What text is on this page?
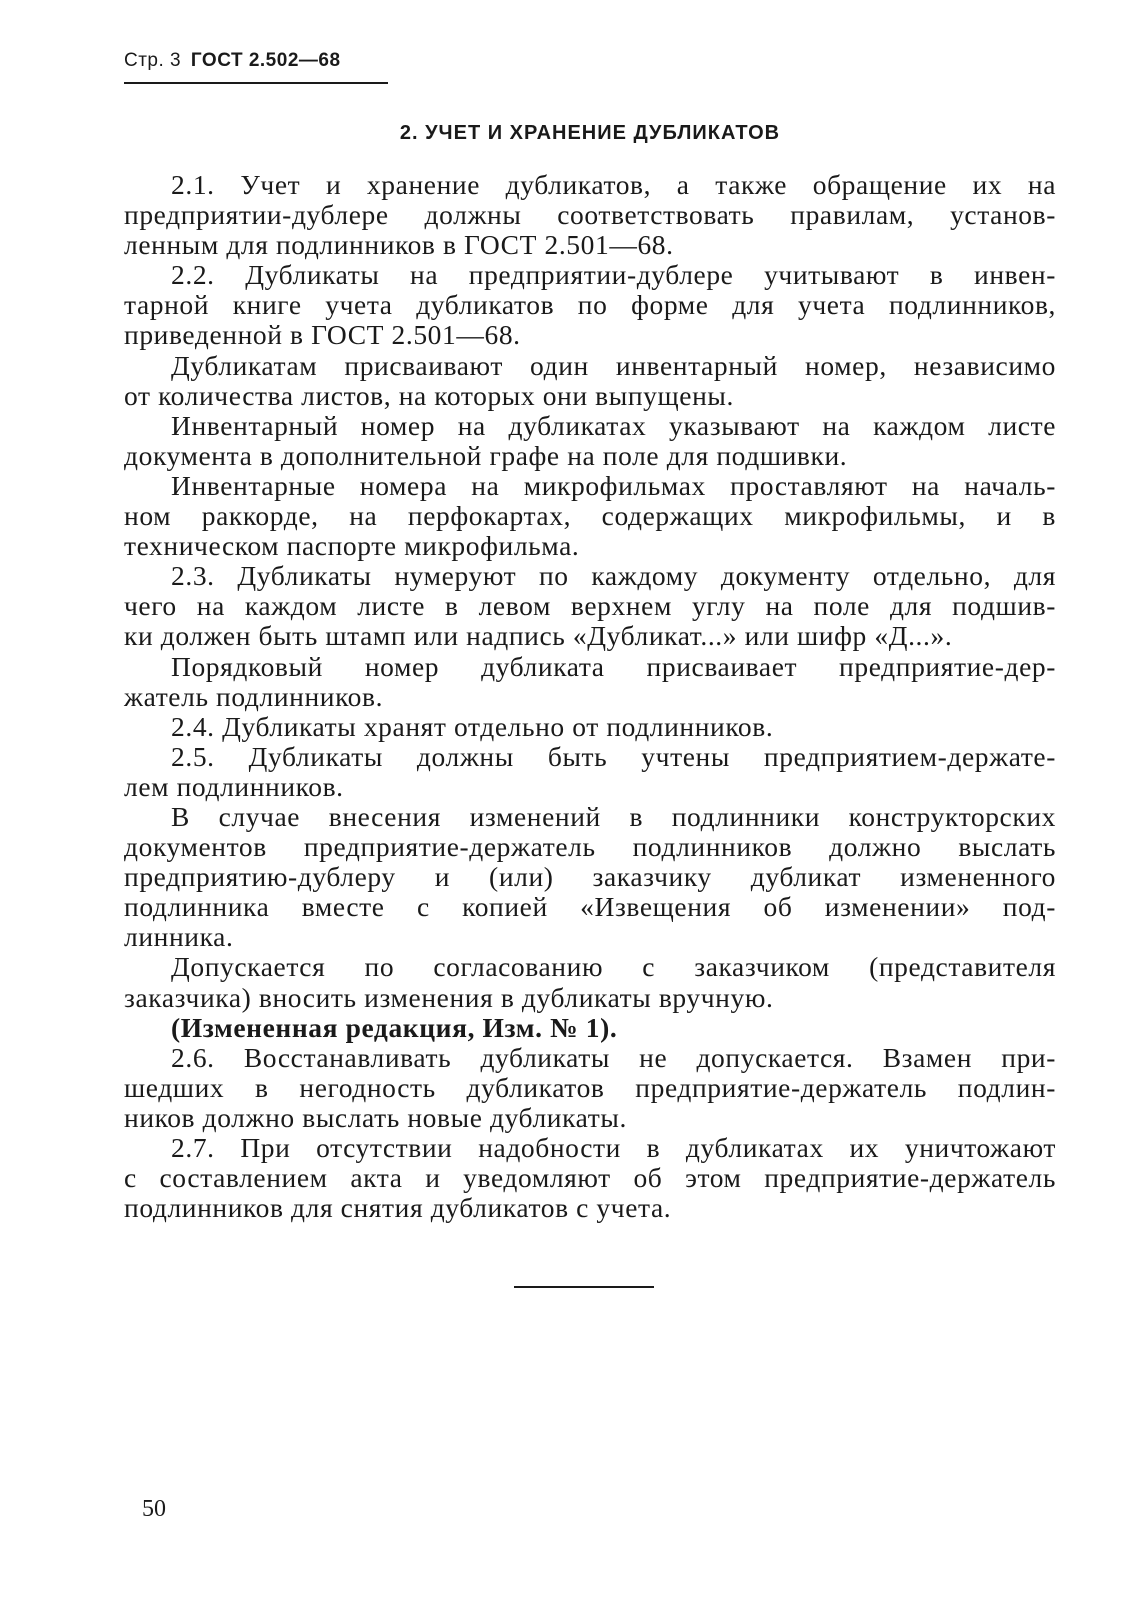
Стр. 3 ГОСТ 2.502—68
2. УЧЕТ И ХРАНЕНИЕ ДУБЛИКАТОВ
2.1. Учет и хранение дубликатов, а также обращение их на
предприятии-дублере должны соответствовать правилам, установ-
ленным для подлинников в ГОСТ 2.501—68.
2.2. Дубликаты на предприятии-дублере учитывают в инвен-
тарной книге учета дубликатов по форме для учета подлинников,
приведенной в ГОСТ 2.501—68.
Дубликатам присваивают один инвентарный номер, независимо
от количества листов, на которых они выпущены.
Инвентарный номер на дубликатах указывают на каждом листе
документа в дополнительной графе на поле для подшивки.
Инвентарные номера на микрофильмах проставляют на началь-
ном раккорде, на перфокартах, содержащих микрофильмы, и в
техническом паспорте микрофильма.
2.3. Дубликаты нумеруют по каждому документу отдельно, для
чего на каждом листе в левом верхнем углу на поле для подшив-
ки должен быть штамп или надпись «Дубликат...» или шифр «Д...».
Порядковый номер дубликата присваивает предприятие-дер-
жатель подлинников.
2.4. Дубликаты хранят отдельно от подлинников.
2.5. Дубликаты должны быть учтены предприятием-держате-
лем подлинников.
В случае внесения изменений в подлинники конструкторских
документов предприятие-держатель подлинников должно выслать
предприятию-дублеру и (или) заказчику дубликат измененного
подлинника вместе с копией «Извещения об изменении» под-
линника.
Допускается по согласованию с заказчиком (представителя
заказчика) вносить изменения в дубликаты вручную.
(Измененная редакция, Изм. № 1).
2.6. Восстанавливать дубликаты не допускается. Взамен при-
шедших в негодность дубликатов предприятие-держатель подлин-
ников должно выслать новые дубликаты.
2.7. При отсутствии надобности в дубликатах их уничтожают
с составлением акта и уведомляют об этом предприятие-держатель
подлинников для снятия дубликатов с учета.
50
